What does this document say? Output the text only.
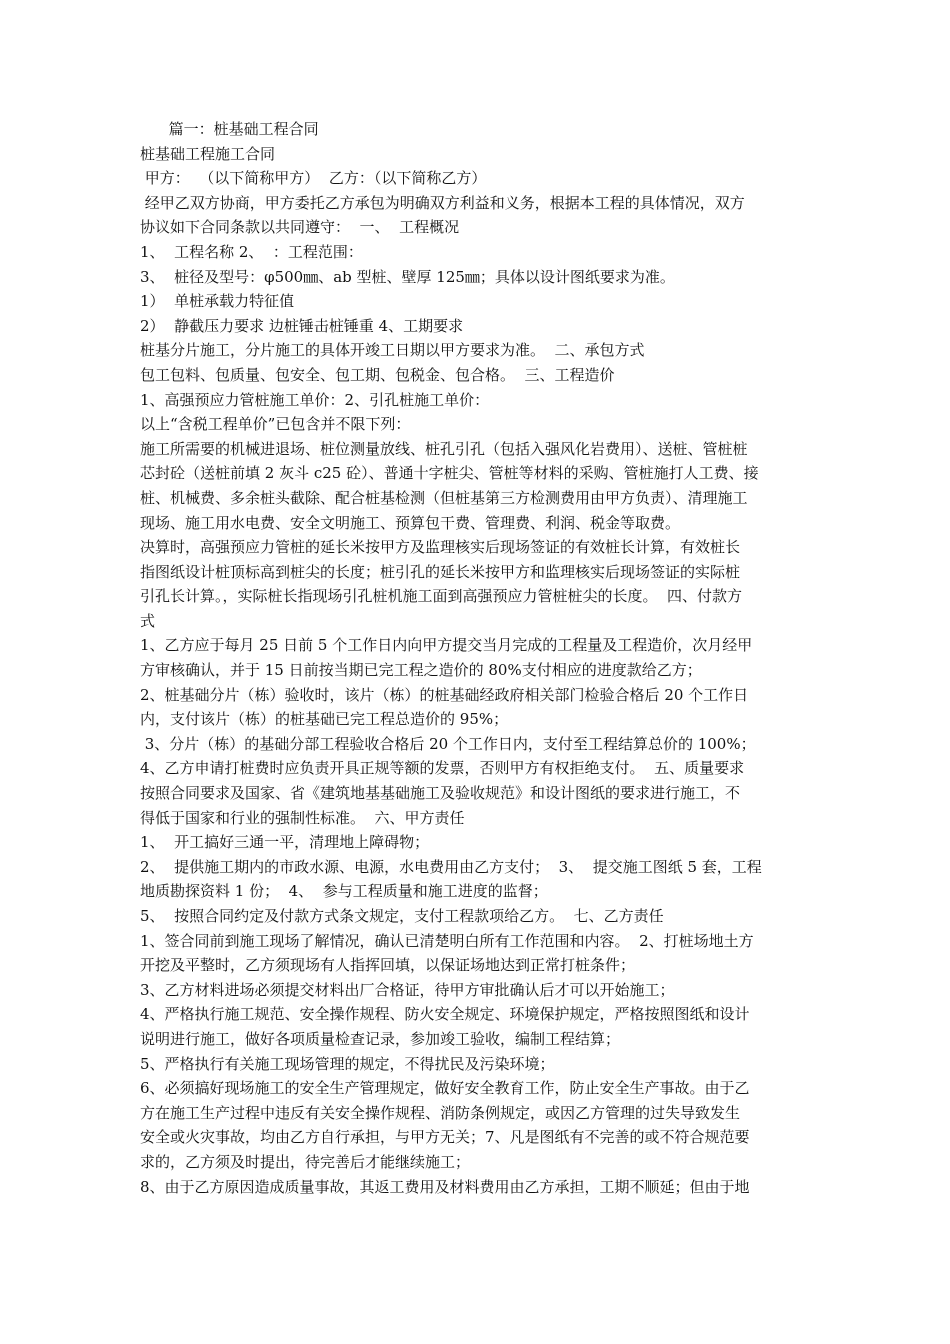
篇一：桩基础工程合同
桩基础工程施工合同
甲方：  （以下简称甲方）  乙方：（以下简称乙方）
经甲乙双方协商，甲方委托乙方承包为明确双方利益和义务，根据本工程的具体情况，双方
协议如下合同条款以共同遵守：  一、  工程概况
1、  工程名称 2、  ：工程范围：
3、  桩径及型号：φ500㎜、ab 型桩、壁厚 125㎜；具体以设计图纸要求为准。
1）  单桩承载力特征值
2）  静截压力要求 边桩锤击桩锤重 4、工期要求
桩基分片施工，分片施工的具体开竣工日期以甲方要求为准。  二、承包方式
包工包料、包质量、包安全、包工期、包税金、包合格。  三、工程造价
1、高强预应力管桩施工单价：2、引孔桩施工单价：
以上“含税工程单价”已包含并不限下列：
施工所需要的机械进退场、桩位测量放线、桩孔引孔（包括入强风化岩费用）、送桩、管桩桩
芯封砼（送桩前填 2 灰斗 c25 砼）、普通十字桩尖、管桩等材料的采购、管桩施打人工费、接
桩、机械费、多余桩头截除、配合桩基检测（但桩基第三方检测费用由甲方负责）、清理施工
现场、施工用水电费、安全文明施工、预算包干费、管理费、利润、税金等取费。
决算时，高强预应力管桩的延长米按甲方及监理核实后现场签证的有效桩长计算，有效桩长
指图纸设计桩顶标高到桩尖的长度；桩引孔的延长米按甲方和监理核实后现场签证的实际桩
引孔长计算。，实际桩长指现场引孔桩机施工面到高强预应力管桩桩尖的长度。  四、付款方
式
1、乙方应于每月 25 日前 5 个工作日内向甲方提交当月完成的工程量及工程造价，次月经甲
方审核确认，并于 15 日前按当期已完工程之造价的 80%支付相应的进度款给乙方；
2、桩基础分片（栋）验收时，该片（栋）的桩基础经政府相关部门检验合格后 20 个工作日
内，支付该片（栋）的桩基础已完工程总造价的 95%；
3、分片（栋）的基础分部工程验收合格后 20 个工作日内，支付至工程结算总价的 100%；
4、乙方申请打桩费时应负责开具正规等额的发票，否则甲方有权拒绝支付。  五、质量要求
按照合同要求及国家、省《建筑地基基础施工及验收规范》和设计图纸的要求进行施工，不
得低于国家和行业的强制性标准。  六、甲方责任
1、  开工搞好三通一平，清理地上障碍物；
2、  提供施工期内的市政水源、电源，水电费用由乙方支付；  3、  提交施工图纸 5 套，工程
地质勘探资料 1 份；  4、  参与工程质量和施工进度的监督；
5、  按照合同约定及付款方式条文规定，支付工程款项给乙方。  七、乙方责任
1、签合同前到施工现场了解情况，确认已清楚明白所有工作范围和内容。  2、打桩场地土方
开挖及平整时，乙方须现场有人指挥回填，以保证场地达到正常打桩条件；
3、乙方材料进场必须提交材料出厂合格证，待甲方审批确认后才可以开始施工；
4、严格执行施工规范、安全操作规程、防火安全规定、环境保护规定，严格按照图纸和设计
说明进行施工，做好各项质量检查记录，参加竣工验收，编制工程结算；
5、严格执行有关施工现场管理的规定，不得扰民及污染环境；
6、必须搞好现场施工的安全生产管理规定，做好安全教育工作，防止安全生产事故。由于乙
方在施工生产过程中违反有关安全操作规程、消防条例规定，或因乙方管理的过失导致发生
安全或火灾事故，均由乙方自行承担，与甲方无关；7、凡是图纸有不完善的或不符合规范要
求的，乙方须及时提出，待完善后才能继续施工；
8、由于乙方原因造成质量事故，其返工费用及材料费用由乙方承担，工期不顺延；但由于地
